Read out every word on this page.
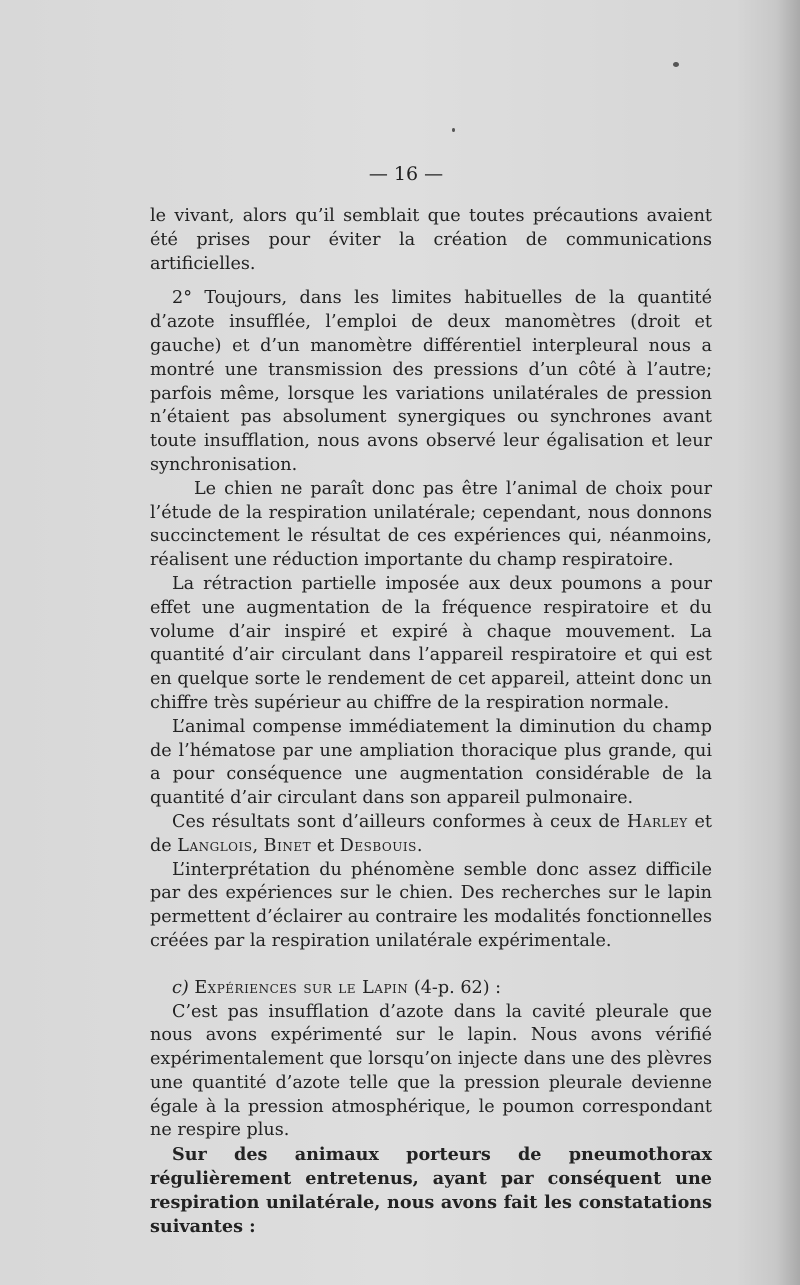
— 16 —

le vivant, alors qu’il semblait que toutes précautions avaient été prises pour éviter la création de communications artificielles.

2° Toujours, dans les limites habituelles de la quantité d’azote insufflée, l’emploi de deux manomètres (droit et gauche) et d’un manomètre différentiel interpleural nous a montré une transmission des pressions d’un côté à l’autre; parfois même, lorsque les variations unilatérales de pression n’étaient pas absolument synergiques ou synchrones avant toute insufflation, nous avons observé leur égalisation et leur synchronisation.

Le chien ne paraît donc pas être l’animal de choix pour l’étude de la respiration unilatérale; cependant, nous donnons succinctement le résultat de ces expériences qui, néanmoins, réalisent une réduction importante du champ respiratoire.

La rétraction partielle imposée aux deux poumons a pour effet une augmentation de la fréquence respiratoire et du volume d’air inspiré et expiré à chaque mouvement. La quantité d’air circulant dans l’appareil respiratoire et qui est en quelque sorte le rendement de cet appareil, atteint donc un chiffre très supérieur au chiffre de la respiration normale.

L’animal compense immédiatement la diminution du champ de l’hématose par une ampliation thoracique plus grande, qui a pour conséquence une augmentation considérable de la quantité d’air circulant dans son appareil pulmonaire.

Ces résultats sont d’ailleurs conformes à ceux de Harley et de Langlois, Binet et Desbouis.

L’interprétation du phénomène semble donc assez difficile par des expériences sur le chien. Des recherches sur le lapin permettent d’éclairer au contraire les modalités fonctionnelles créées par la respiration unilatérale expérimentale.

c) Expériences sur le Lapin (4-p. 62) :

C’est pas insufflation d’azote dans la cavité pleurale que nous avons expérimenté sur le lapin. Nous avons vérifié expérimentalement que lorsqu’on injecte dans une des plèvres une quantité d’azote telle que la pression pleurale devienne égale à la pression atmosphérique, le poumon correspondant ne respire plus.

Sur des animaux porteurs de pneumothorax régulièrement entretenus, ayant par conséquent une respiration unilatérale, nous avons fait les constatations suivantes :
